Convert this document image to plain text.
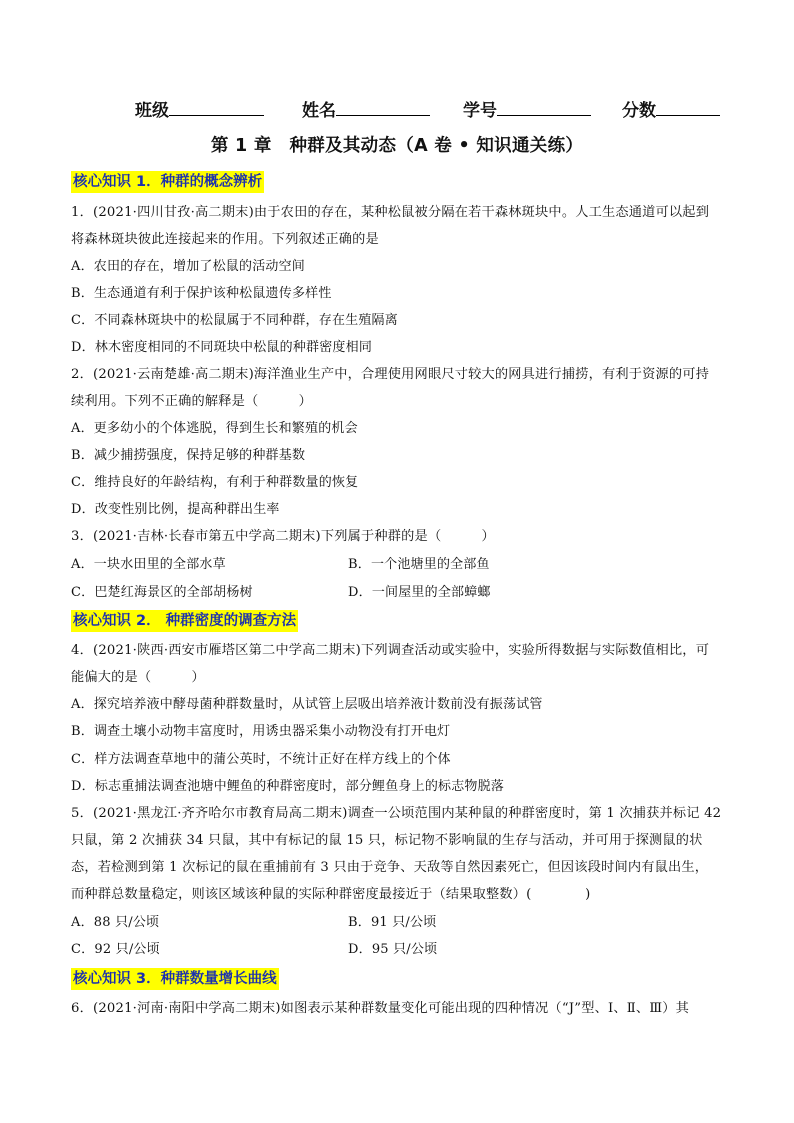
班级	姓名	学号	分数
第 1 章　种群及其动态（A 卷 • 知识通关练）
核心知识 1．种群的概念辨析
1．(2021·四川甘孜·高二期末)由于农田的存在，某种松鼠被分隔在若干森林斑块中。人工生态通道可以起到
将森林斑块彼此连接起来的作用。下列叙述正确的是
A．农田的存在，增加了松鼠的活动空间
B．生态通道有利于保护该种松鼠遗传多样性
C．不同森林斑块中的松鼠属于不同种群，存在生殖隔离
D．林木密度相同的不同斑块中松鼠的种群密度相同
2．(2021·云南楚雄·高二期末)海洋渔业生产中，合理使用网眼尺寸较大的网具进行捕捞，有利于资源的可持
续利用。下列不正确的解释是（　　　）
A．更多幼小的个体逃脱，得到生长和繁殖的机会
B．减少捕捞强度，保持足够的种群基数
C．维持良好的年龄结构，有利于种群数量的恢复
D．改变性别比例，提高种群出生率
3．(2021·吉林·长春市第五中学高二期末)下列属于种群的是（　　　）
A．一块水田里的全部水草	B．一个池塘里的全部鱼
C．巴楚红海景区的全部胡杨树	D．一间屋里的全部蟑螂
核心知识 2． 种群密度的调查方法
4．(2021·陕西·西安市雁塔区第二中学高二期末)下列调查活动或实验中，实验所得数据与实际数值相比，可
能偏大的是（　　　）
A．探究培养液中酵母菌种群数量时，从试管上层吸出培养液计数前没有振荡试管
B．调查土壤小动物丰富度时，用诱虫器采集小动物没有打开电灯
C．样方法调查草地中的蒲公英时，不统计正好在样方线上的个体
D．标志重捕法调查池塘中鲤鱼的种群密度时，部分鲤鱼身上的标志物脱落
5．(2021·黑龙江·齐齐哈尔市教育局高二期末)调查一公顷范围内某种鼠的种群密度时，第 1 次捕获并标记 42
只鼠，第 2 次捕获 34 只鼠，其中有标记的鼠 15 只，标记物不影响鼠的生存与活动，并可用于探测鼠的状
态，若检测到第 1 次标记的鼠在重捕前有 3 只由于竞争、天敌等自然因素死亡，但因该段时间内有鼠出生，
而种群总数量稳定，则该区域该种鼠的实际种群密度最接近于（结果取整数）(　　　　)
A．88 只/公顷	B．91 只/公顷
C．92 只/公顷	D．95 只/公顷
核心知识 3．种群数量增长曲线
6．(2021·河南·南阳中学高二期末)如图表示某种群数量变化可能出现的四种情况（“J”型、Ⅰ、Ⅱ、Ⅲ）其
